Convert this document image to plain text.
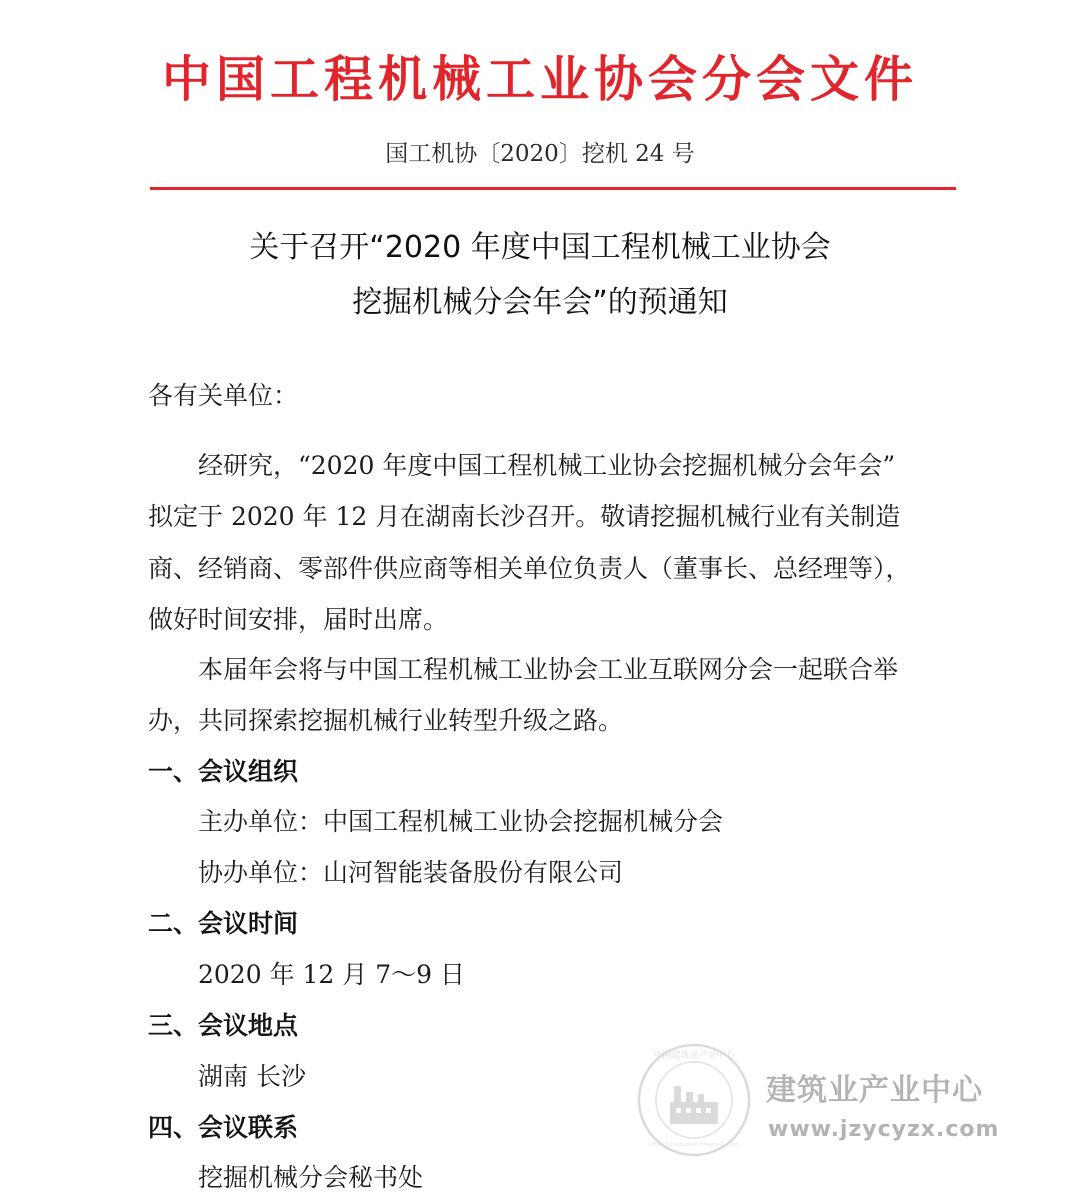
中国工程机械工业协会分会文件
国工机协〔2020〕挖机 24 号
关于召开“2020 年度中国工程机械工业协会
挖掘机械分会年会”的预通知
各有关单位：
经研究，“2020 年度中国工程机械工业协会挖掘机械分会年会”
拟定于 2020 年 12 月在湖南长沙召开。敬请挖掘机械行业有关制造
商、经销商、零部件供应商等相关单位负责人（董事长、总经理等），
做好时间安排，届时出席。
本届年会将与中国工程机械工业协会工业互联网分会一起联合举
办，共同探索挖掘机械行业转型升级之路。
一、会议组织
主办单位：中国工程机械工业协会挖掘机械分会
协办单位：山河智能装备股份有限公司
二、会议时间
2020 年 12 月 7～9 日
三、会议地点
湖南 长沙
四、会议联系
挖掘机械分会秘书处
中国建筑业产业中心
China Construction Industry Center
建筑业产业中心
www.jzycyzx.com
